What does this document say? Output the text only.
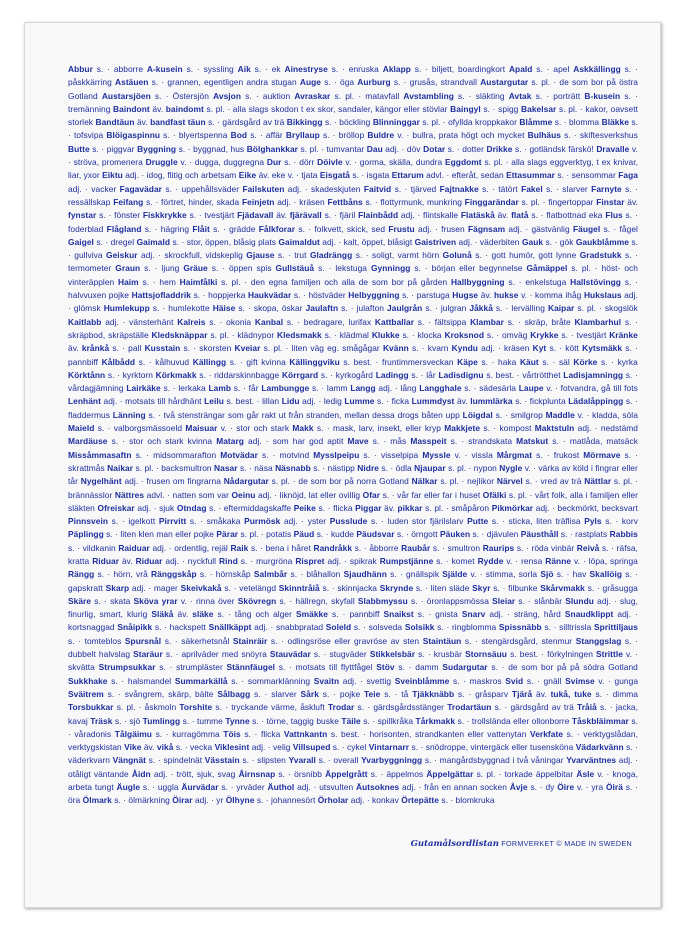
Abbur s. · abborre A-kusein s. · syssling Aik s. · ek Ainestryse s. · enruska Aklapp s. · biljett, boardingkort Apald s. · apel Askkällingg s. · påskkärring Astäuen s. · grannen, egentligen andra stugan Auge s. · öga Aurburg s. · grusås, strandvall Austargutar s. pl. · de som bor på östra Gotland Austarsjöen s. · Östersjön Avsjon s. · auktion Avraskar s. pl. · matavfall Avstambling s. · släkting Avtak s. · porträtt B-kusein s. · tremänning Baindont äv. baindomt s. pl. · alla slags skodon t ex skor, sandaler, kängor eller stövlar Baingyl s. · spigg Bakelsar s. pl. · kakor, oavsett storlek Bandtäun äv. bandfast täun s. · gärdsgård av trä Bikkingg s. · böckling Blinninggar s. pl. · ofyllda kroppkakor Blåmme s. · blomma Bläkke s. · tofsvipa Blöigaspinnu s. · blyertspenna Bod s. · affär Bryllaup s. · bröllop Buldre v. · bullra, prata högt och mycket Bulhäus s. · skiftesverkshus Butte s. · piggvar Byggning s. · byggnad, hus Bölghankkar s. pl. · tumvantar Dau adj. · döv Dotar s. · dotter Drikke s. · gotländsk färskö! Dravalle v. · ströva, promenera Druggle v. · dugga, duggregna Dur s. · dörr Döivle v. · gorma, skälla, dundra Eggdomt s. pl. · alla slags eggverktyg, t ex knivar, liar, yxor Eiktu adj. · idog, flitig och arbetsam Eike äv. eke v. · tjata Eisgatå s. · isgata Ettarum advl. · efteråt, sedan Ettasummar s. · sensommar Faga adj. · vacker Fagavädar s. · uppehållsväder Failskuten adj. · skadeskjuten Faitvid s. · tjärved Fajtnakke s. · tätört Fakel s. · slarver Farnyte s. · ressällskap Feifang s. · förtret, hinder, skada Feinjetn adj. · kräsen Fettbåns s. · flottyrmunk, munkring Finggarändar s. pl. · fingertoppar Finstar äv. fynstar s. · fönster Fiskkrykke s. · tvestjärt Fjädavall äv. fjärävall s. · fjäril Flainbådd adj. · flintskalle Flatäskå äv. flatå s. · flatbottnad eka Flus s. · foderblad Flågland s. · hägring Flåit s. · grädde Fålkforar s. · folkvett, skick, sed Frustu adj. · frusen Fägnsam adj. · gästvänlig Fäugel s. · fågel Gaigel s. · dregel Gaimald s. · stor, öppen, blåsig plats Gaimaldut adj. · kalt, öppet, blåsigt Gaistriven adj. · väderbiten Gauk s. · gök Gaukblåmme s. · gullviva Geiskur adj. · skrockfull, vidskeplig Gjause s. · trut Gladrängg s. · soligt, varmt hörn Golunå s. · gott humör, gott lynne Gradstukk s. · termometer Graun s. · ljung Gräue s. · öppen spis Gullstäuå s. · lekstuga Gynningg s. · början eller begynnelse Gåmäppel s. pl. · höst- och vinteräpplen Haim s. · hem Haimfålki s. pl. · den egna familjen och alla de som bor på gården Hallbyggning s. · enkelstuga Hallstövingg s. · halvvuxen pojke Hattsjofladdrik s. · hoppjerka Haukvädar s. · höstväder Helbyggning s. · parstuga Hugse äv. hukse v. · komma ihåg Hukslaus adj. · glömsk Humlekupp s. · humlekotte Häise s. · skopa, öskar Jaulaftn s. · julafton Jaulgrån s. · julgran Jåkkå s. · lervälling Kaipar s. pl. · skogslök Kaitlabb adj. · vänsterhänt Kalreis s. · okonia Kanbal s. · bedragare, lurifax Kattballar s. · fältsippa Klambar s. · skräp, bråte Klambarhul s. · skräpbod, skräpställe Kledsknäppar s. pl. · klädnypor Kledsmakk s. · klädmal Klukke s. · klocka Kroksnod s. · omväg Krykke s. · tvestjärt Kränke äv. krånkå s. · pall Kusstain s. · skorsten Kveiar s. pl. · liten väg eg. smågågar Kvänn s. · kvarn Kyndu adj. · kräsen Kyt s. · kött Kytsmäkk s. · pannbiff Kålbådd s. · kålhuvud Källingg s. · gift kvinna Källinggviku s. best. · fruntimmersveckan Käpe s. · haka Käut s. · säl Körke s. · kyrka Körktånn s. · kyrktorn Körkmakk s. · riddarskinnbagge Körrgard s. · kyrkogård Ladingg s. · lår Ladisdignu s. best. · vårtrötthet Ladisjamningg s. · vårdagjämning Lairkäke s. · lerkaka Lamb s. · får Lambungge s. · lamm Langg adj. · lång Langghale s. · sädesärla Laupe v. · fotvandra, gå till fots Lenhänt adj. · motsats till hårdhänt Leilu s. best. · lillan Lidu adj. · ledig Lumme s. · ficka Lummdyst äv. lummlärka s. · fickplunta Lädalåppingg s. · fladdermus Länning s. · två stensträngar som går rakt ut från stranden, mellan dessa drogs båten upp Löigdal s. · smilgrop Maddle v. · kladda, söla Maield s. · valborgsmässoeld Maisuar v. · stor och stark Makk s. · mask, larv, insekt, eller kryp Makkjete s. · kompost Maktstuln adj. · nedstämd Mardäuse s. · stor och stark kvinna Matarg adj. · som har god aptit Mave s. · mås Masspeit s. · strandskata Matskut s. · matlåda, matsäck Missåmmasaftn s. · midsommarafton Motvädar s. · motvind Mysslpeipu s. · visselpipa Myssle v. · vissla Mårgmat s. · frukost Mörmave s. · skrattmås Naikar s. pl. · backsmultron Nasar s. · näsa Näsnabb s. · nästipp Nidre s. · ödla Njaupar s. pl. · nypon Nygle v. · värka av köld i fingrar eller tår Nygelhänt adj. · frusen om fingrarna Nådargutar s. pl. · de som bor på norra Gotland Nälkar s. pl. · nejlikor Närvel s. · vred av trä Nättlar s. pl. · brännässlor Nättres advl. · natten som var Oeinu adj. · liknöjd, lat eller ovillig Ofar s. · vår far eller far i huset Ofälki s. pl. · vårt folk, alla i familjen eller släkten Ofreiskar adj. · sjuk Otndag s. · eftermiddagskaffe Peike s. · flicka Piggar äv. pikkar s. pl. · småpåron Pikmörkar adj. · beckmörkt, becksvart Pinnsvein s. · igelkott Pirrvitt s. · småkaka Purmösk adj. · yster Pusslude s. · luden stor fjärilslarv Putte s. · sticka, liten träflisa Pyls s. · korv Päplingg s. · liten klen man eller pojke Pärar s. pl. · potatis Päud s. · kudde Päudsvar s. · örngott Päuken s. · djävulen Päusthåll s. · rastplats Rabbis s. · vildkanin Raiduar adj. · ordentlig, rejäl Raik s. · bena i håret Randråkk s. · åbborre Raubår s. · smultron Raurips s. · röda vinbär Reivå s. · räfsa, kratta Riduar äv. Riduar adj. · nyckfull Rind s. · murgröna Rispret adj. · spikrak Rumpstjänne s. · komet Rydde v. · rensa Ränne v. · löpa, springa Rängg s. · hörn, vrå Ränggskåp s. · hörnskåp Salmbår s. · blåhallon Sjaudhänn s. · gnällspik Själde v. · stimma, sorla Sjö s. · hav Skallöig s. · gapskratt Skarp adj. · mager Skeivkakå s. · vetelängd Skinntråiå s. · skinnjacka Skrynde s. · liten släde Skyr s. · filbunke Skårvmakk s. · gråsugga Skäre s. · skata Sköva yrar v. · rinna över Skövregn s. · hällregn, skyfall Slabbmyssu s. · öronlappsmössa Sleiar s. · slånbär Slundu adj. · slug, finurlig, smart, klurig Släkå äv. släke s. · tång och alger Smäkke s. · pannbiff Snaikst s. · gnista Snarv adj. · sträng, hård Snaudklippt adj. · kortsnaggad Snåipikk s. · hackspett Snällkäppt adj. · snabbpratad Soleld s. · solsveda Solsikk s. · ringblomma Spissnäbb s. · silltrissla Sprittiljaus s. · tomteblos Spursnål s. · säkerhetsnål Stainräir s. · odlingsröse eller gravröse av sten Staintäun s. · stengärdsgård, stenmur Stanggslag s. · dubbelt halvslag Staräur s. · aprilväder med snöyra Stauvädar s. · stugväder Stikkelsbär s. · krusbär Stornsäuu s. best. · förkylningen Strittle v. · skvätta Strumpsukkar s. · strumpläster Stännfäugel s. · motsats till flyttfågel Stöv s. · damm Sudargutar s. · de som bor på på södra Gotland Sukkhake s. · halsmandel Summarkällå s. · sommarklänning Svaitn adj. · svettig Sveinblåmme s. · maskros Svid s. · gnäll Svimse v. · gunga Sväitrem s. · svångrem, skärp, bälte Sålbagg s. · slarver Sårk s. · pojke Teie s. · tå Tjäkknäbb s. · gråsparv Tjärå äv. tukå, tuke s. · dimma Torsbukkar s. pl. · åskmoln Torshite s. · tryckande värme, åskluft Trodar s. · gärdsgårdsstänger Trodartäun s. · gärdsgård av trä Tråiå s. · jacka, kavaj Träsk s. · sjö Tumlingg s. · tumme Tynne s. · törne, taggig buske Täile s. · spillkråka Tårkmakk s. · trollslända eller ollonborre Tåskbläimmar s. · våradonis Tålgäimu s. · kurragömma Töis s. · flicka Vattnkantn s. best. · horisonten, strandkanten eller vattenytan Verkfate s. · verktygslådan, verktygskistan Vike äv. vikå s. · vecka Viklesint adj. · velig Villsuped s. · cykel Vintarnarr s. · snödroppe, vintergäck eller tusensköna Vädarkvänn s. · väderkvarn Vängnät s. · spindelnät Vässtain s. · slipsten Yvarall s. · overall Yvarbyggningg s. · mangårdsbyggnad i två våningar Yvarväntnes adj. · otåligt väntande Åidn adj. · trött, sjuk, svag Åirnsnap s. · örsnibb Äppelgrått s. · äppelmos Äppelgättar s. pl. · torkade äppelbitar Äsle v. · knoga, arbeta tungt Äugle s. · uggla Äurvädar s. · yrväder Äuthol adj. · utsvulten Äutsoknes adj. · från en annan socken Åvje s. · dy Öire v. · yra Öirä s. · öra Ölmark s. · ölmärkning Öirar adj. · yr Ölhyne s. · johannesört Örholar adj. · konkav Örtepätte s. · blomkruka
Gutamålsordlistan FORMVERKET © MADE IN SWEDEN
